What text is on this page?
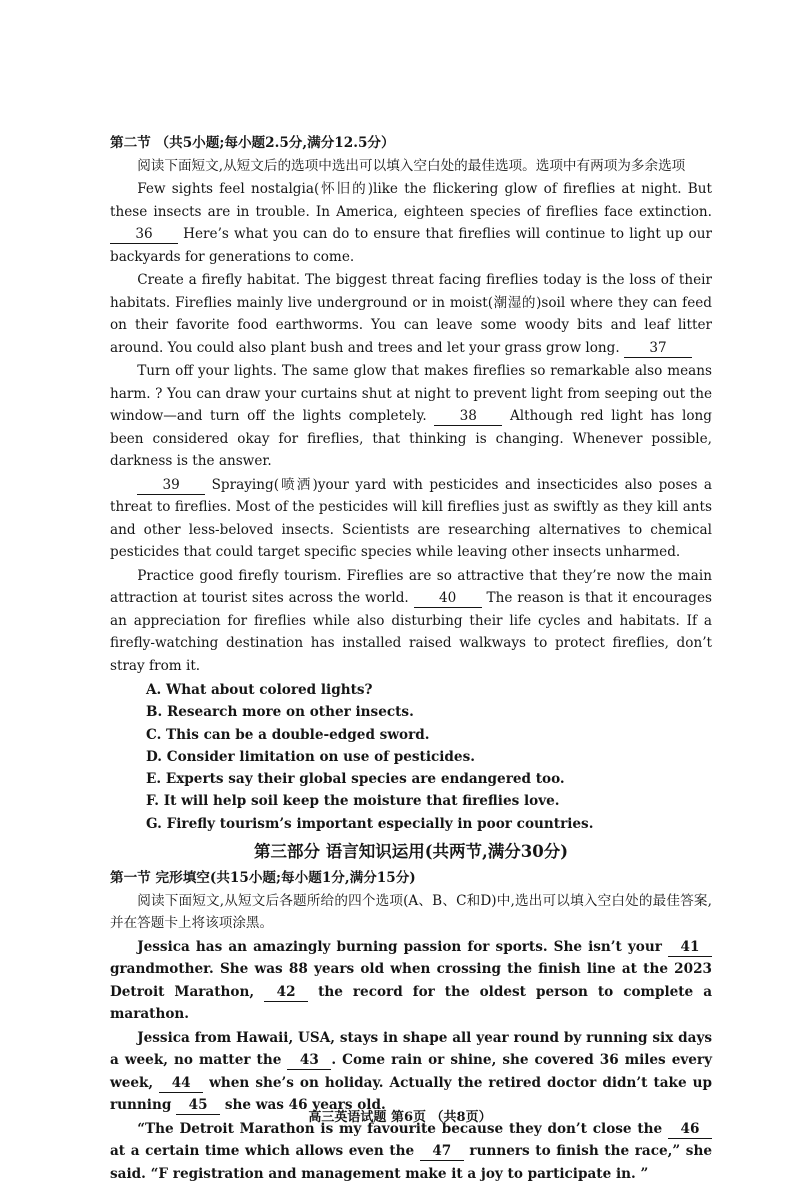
第二节 （共5小题;每小题2.5分,满分12.5分）

阅读下面短文,从短文后的选项中选出可以填入空白处的最佳选项。选项中有两项为多余选项

Few sights feel nostalgia(怀旧的)like the flickering glow of fireflies at night. But these insects are in trouble. In America, eighteen species of fireflies face extinction. 36 Here’s what you can do to ensure that fireflies will continue to light up our backyards for generations to come.

Create a firefly habitat. The biggest threat facing fireflies today is the loss of their habitats. Fireflies mainly live underground or in moist(潮湿的)soil where they can feed on their favorite food earthworms. You can leave some woody bits and leaf litter around. You could also plant bush and trees and let your grass grow long. 37

Turn off your lights. The same glow that makes fireflies so remarkable also means harm. ? You can draw your curtains shut at night to prevent light from seeping out the window—and turn off the lights completely. 38 Although red light has long been considered okay for fireflies, that thinking is changing. Whenever possible, darkness is the answer.

39 Spraying(喷洒)your yard with pesticides and insecticides also poses a threat to fireflies. Most of the pesticides will kill fireflies just as swiftly as they kill ants and other less-beloved insects. Scientists are researching alternatives to chemical pesticides that could target specific species while leaving other insects unharmed.

Practice good firefly tourism. Fireflies are so attractive that they’re now the main attraction at tourist sites across the world. 40 The reason is that it encourages an appreciation for fireflies while also disturbing their life cycles and habitats. If a firefly-watching destination has installed raised walkways to protect fireflies, don’t stray from it.

A. What about colored lights?
B. Research more on other insects.
C. This can be a double-edged sword.
D. Consider limitation on use of pesticides.
E. Experts say their global species are endangered too.
F. It will help soil keep the moisture that fireflies love.
G. Firefly tourism’s important especially in poor countries.
第三部分 语言知识运用(共两节,满分30分)
第一节 完形填空(共15小题;每小题1分,满分15分)

阅读下面短文,从短文后各题所给的四个选项(A、B、C和D)中,选出可以填入空白处的最佳答案,并在答题卡上将该项涂黑。

Jessica has an amazingly burning passion for sports. She isn’t your 41 grandmother. She was 88 years old when crossing the finish line at the 2023 Detroit Marathon, 42 the record for the oldest person to complete a marathon.

Jessica from Hawaii, USA, stays in shape all year round by running six days a week, no matter the 43 . Come rain or shine, she covered 36 miles every week, 44 when she’s on holiday. Actually the retired doctor didn’t take up running 45 she was 46 years old.

“The Detroit Marathon is my favourite because they don’t close the 46 at a certain time which allows even the 47 runners to finish the race,” she said. “F registration and management make it a joy to participate in. ”

高三英语试题 第6页 （共8页）
